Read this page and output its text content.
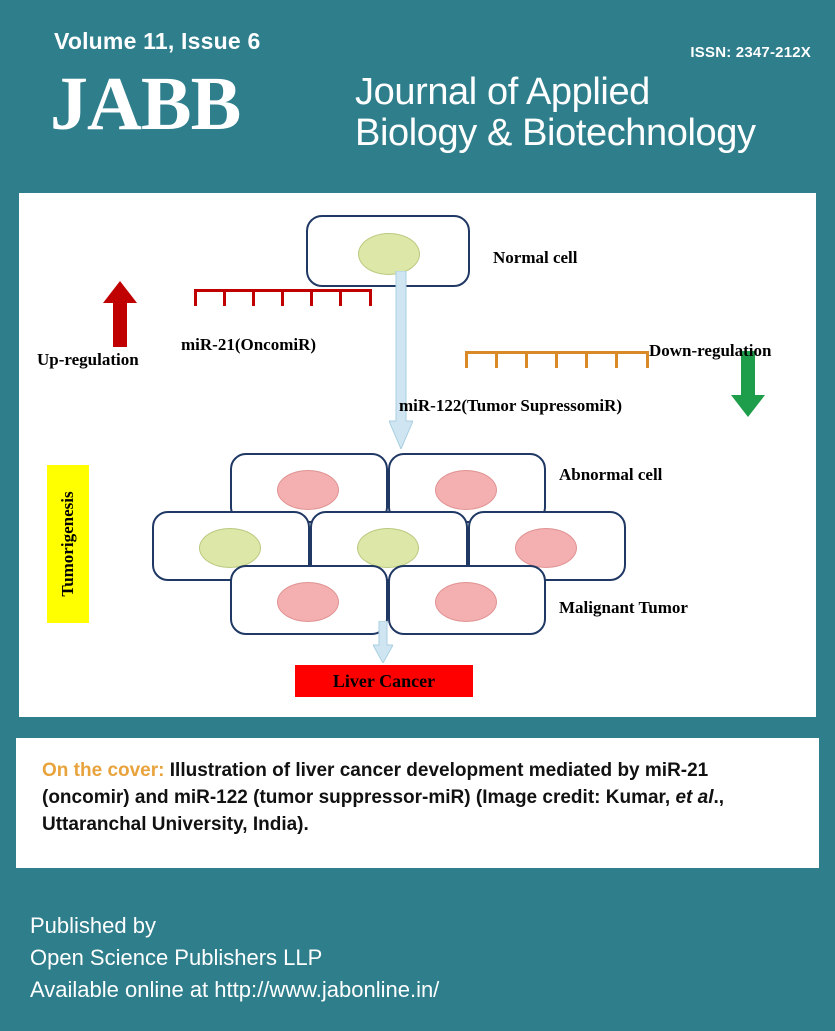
Volume 11, Issue 6	ISSN: 2347-212X
JABB	Journal of Applied
Biology & Biotechnology
Normal cell
Up-regulation	Down-regulation
miR-21(OncomiR)
miR-122(Tumor SupressomiR)
Tumorigenesis
Abnormal cell
Malignant Tumor
Liver Cancer
On the cover: Illustration of liver cancer development mediated by miR-21 (oncomir) and miR-122 (tumor suppressor-miR) (Image credit: Kumar, et al., Uttaranchal University, India).
Published by
Open Science Publishers LLP
Available online at http://www.jabonline.in/
